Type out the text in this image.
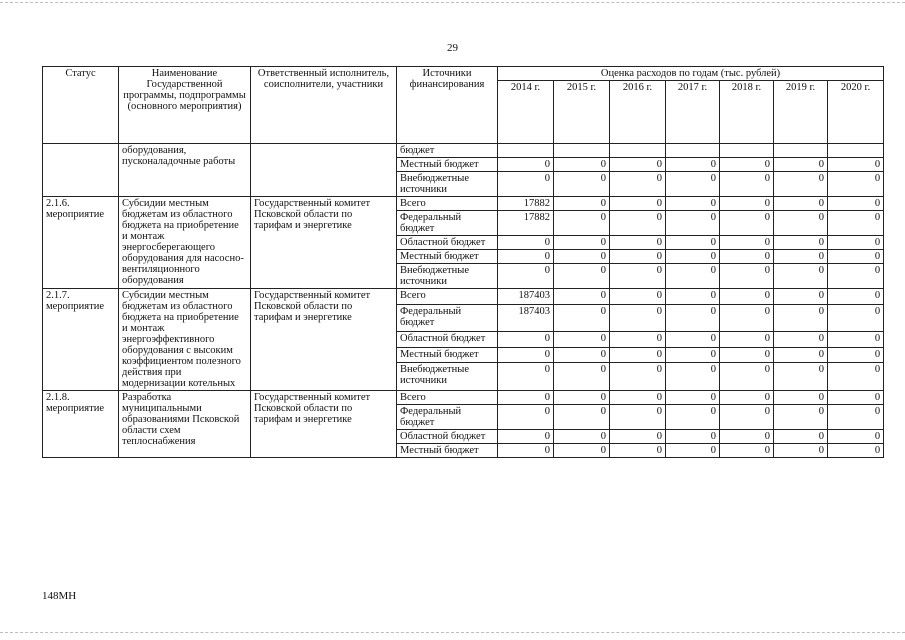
29
Статус	Наименование Государственной программы, подпрограммы (основного мероприятия)	Ответственный исполнитель, соисполнители, участники	Источники финансирования	Оценка расходов по годам (тыс. рублей)						
				2014 г.	2015 г.	2016 г.	2017 г.	2018 г.	2019 г.	2020 г.
	оборудования, пусконаладочные работы		бюджет							
			Местный бюджет	0	0	0	0	0	0	0
			Внебюджетные источники	0	0	0	0	0	0	0
2.1.6. мероприятие	Субсидии местным бюджетам из областного бюджета на приобретение и монтаж энергосберегающего оборудования для насосно-вентиляционного оборудования	Государственный комитет Псковской области по тарифам и энергетике	Всего	17882	0	0	0	0	0	0
			Федеральный бюджет	17882	0	0	0	0	0	0
			Областной бюджет	0	0	0	0	0	0	0
			Местный бюджет	0	0	0	0	0	0	0
			Внебюджетные источники	0	0	0	0	0	0	0
2.1.7. мероприятие	Субсидии местным бюджетам из областного бюджета на приобретение и монтаж энергоэффективного оборудования с высоким коэффициентом полезного действия при модернизации котельных	Государственный комитет Псковской области по тарифам и энергетике	Всего	187403	0	0	0	0	0	0
			Федеральный бюджет	187403	0	0	0	0	0	0
			Областной бюджет	0	0	0	0	0	0	0
			Местный бюджет	0	0	0	0	0	0	0
			Внебюджетные источники	0	0	0	0	0	0	0
2.1.8. мероприятие	Разработка муниципальными образованиями Псковской области схем теплоснабжения	Государственный комитет Псковской области по тарифам и энергетике	Всего	0	0	0	0	0	0	0
			Федеральный бюджет	0	0	0	0	0	0	0
			Областной бюджет	0	0	0	0	0	0	0
			Местный бюджет	0	0	0	0	0	0	0
148МН
